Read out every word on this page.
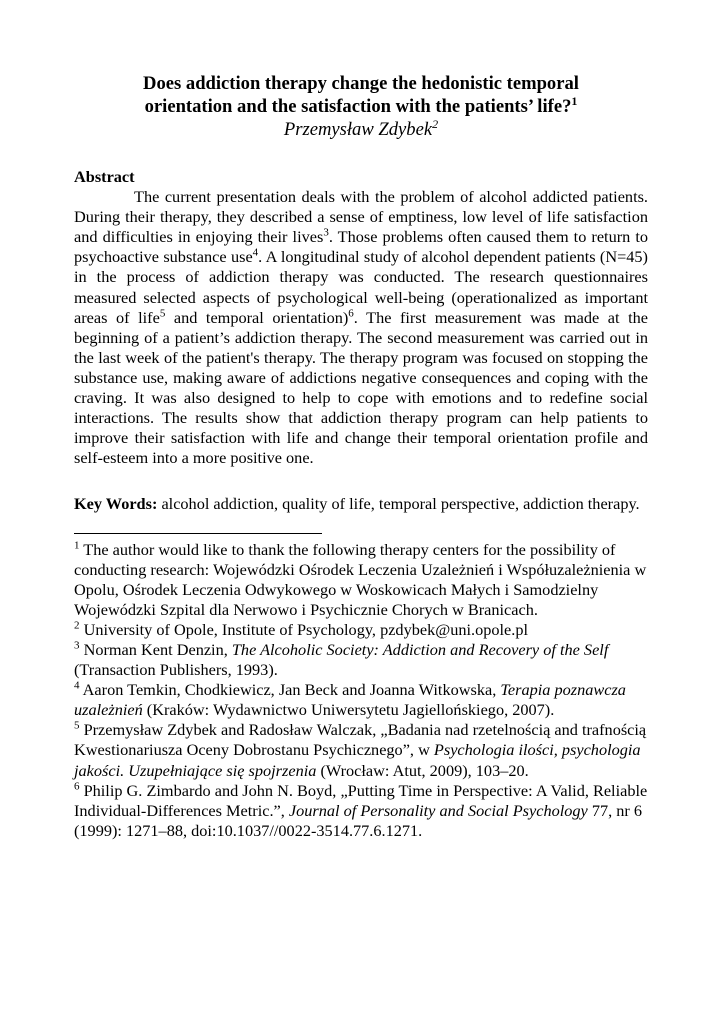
Does addiction therapy change the hedonistic temporal
orientation and the satisfaction with the patients’ life?$^1$

Przemysław Zdybek$^2$

Abstract

The current presentation deals with the problem of alcohol addicted patients. During their therapy, they described a sense of emptiness, low level of life satisfaction and difficulties in enjoying their lives$^3$. Those problems often caused them to return to psychoactive substance use$^4$. A longitudinal study of alcohol dependent patients (N=45) in the process of addiction therapy was conducted. The research questionnaires measured selected aspects of psychological well-being (operationalized as important areas of life$^5$ and temporal orientation)$^6$. The first measurement was made at the beginning of a patient’s addiction therapy. The second measurement was carried out in the last week of the patient's therapy. The therapy program was focused on stopping the substance use, making aware of addictions negative consequences and coping with the craving. It was also designed to help to cope with emotions and to redefine social interactions. The results show that addiction therapy program can help patients to improve their satisfaction with life and change their temporal orientation profile and self-esteem into a more positive one.

Key Words: alcohol addiction, quality of life, temporal perspective, addiction therapy.

$^1$ The author would like to thank the following therapy centers for the possibility of conducting research: Wojewódzki Ośrodek Leczenia Uzależnień i Współuzależnienia w Opolu, Ośrodek Leczenia Odwykowego w Woskowicach Małych i Samodzielny Wojewódzki Szpital dla Nerwowo i Psychicznie Chorych w Branicach.

$^2$ University of Opole, Institute of Psychology, pzdybek@uni.opole.pl

$^3$ Norman Kent Denzin, The Alcoholic Society: Addiction and Recovery of the Self (Transaction Publishers, 1993).

$^4$ Aaron Temkin, Chodkiewicz, Jan Beck and Joanna Witkowska, Terapia poznawcza uzależnień (Kraków: Wydawnictwo Uniwersytetu Jagiellońskiego, 2007).

$^5$ Przemysław Zdybek and Radosław Walczak, „Badania nad rzetelnością and trafnością Kwestionariusza Oceny Dobrostanu Psychicznego”, w Psychologia ilości, psychologia jakości. Uzupełniające się spojrzenia (Wrocław: Atut, 2009), 103–20.

$^6$ Philip G. Zimbardo and John N. Boyd, „Putting Time in Perspective: A Valid, Reliable Individual-Differences Metric.”, Journal of Personality and Social Psychology 77, nr 6 (1999): 1271–88, doi:10.1037//0022-3514.77.6.1271.
